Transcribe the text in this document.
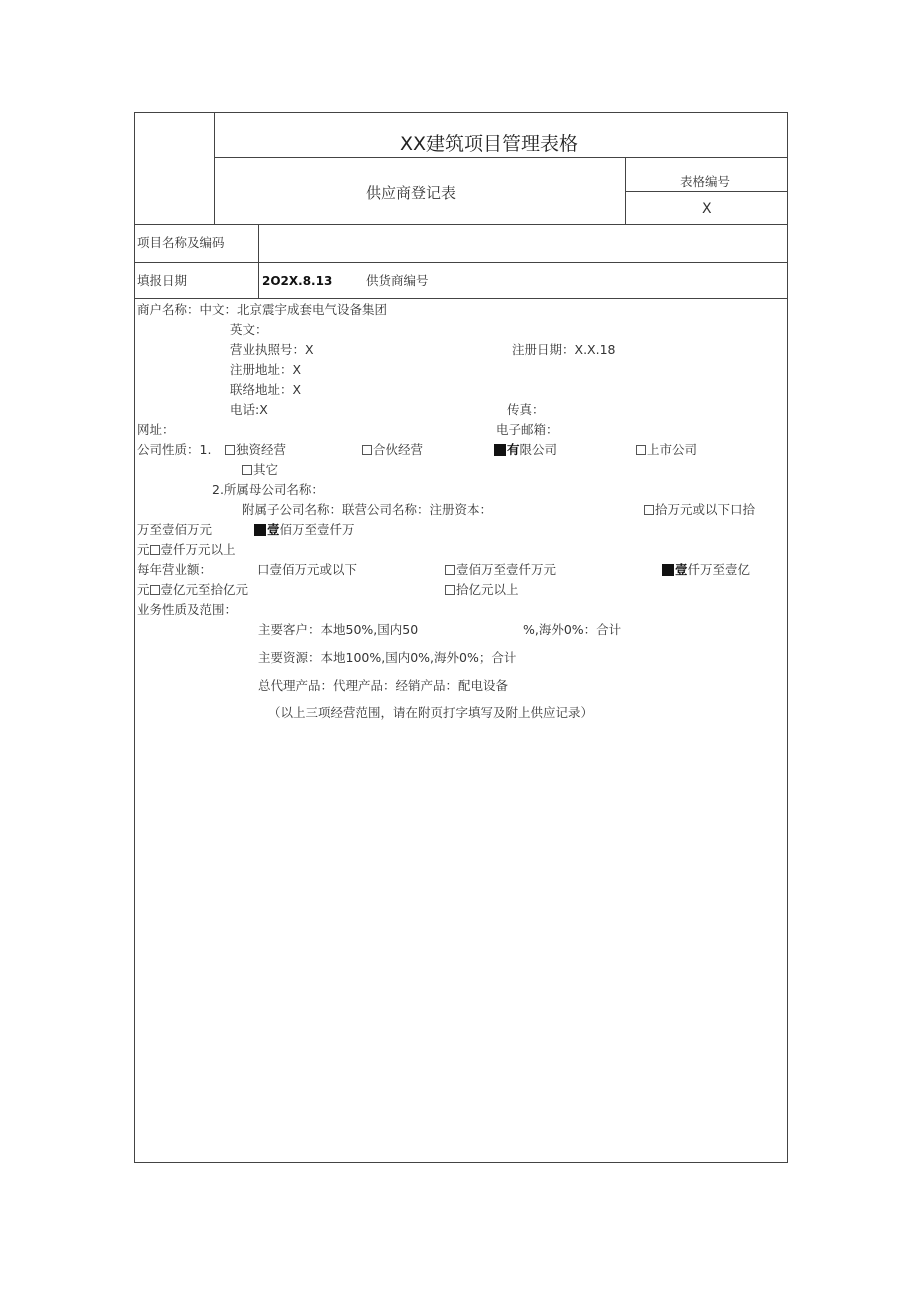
XX建筑项目管理表格
供应商登记表
表格编号
X
项目名称及编码
填报日期	2O2X.8.13	供货商编号
商户名称：中文：北京震宇成套电气设备集团
英文：
营业执照号：X	注册日期：X.X.18
注册地址：X
联络地址：X
电话:X	传真：
网址：	电子邮箱：
公司性质：1.	独资经营	合伙经营	有限公司	上市公司
其它
2.所属母公司名称：
附属子公司名称：联营公司名称：注册资本：	拾万元或以下口拾
万至壹佰万元	壹佰万至壹仟万
元 壹仟万元以上
每年营业额：	口壹佰万元或以下	壹佰万至壹仟万元	壹仟万至壹亿
元 壹亿元至拾亿元	拾亿元以上
业务性质及范围：
主要客户：本地50%,国内50	%,海外0%：合计
主要资源：本地100%,国内0%,海外0%；合计
总代理产品：代理产品：经销产品：配电设备
（以上三项经营范围，请在附页打字填写及附上供应记录）
